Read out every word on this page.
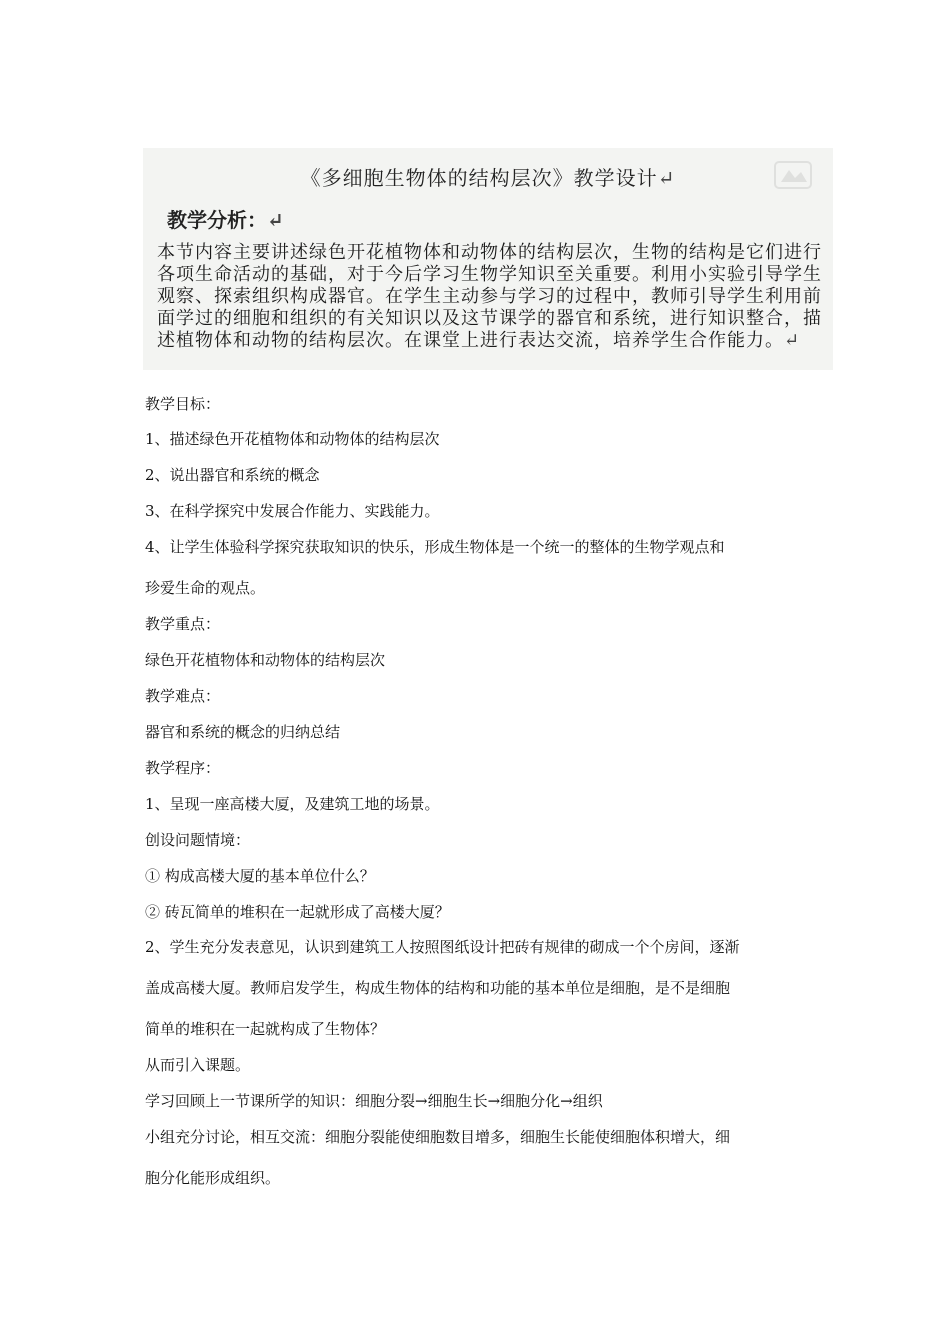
《多细胞生物体的结构层次》教学设计↵
教学分析：↵
本节内容主要讲述绿色开花植物体和动物体的结构层次，生物的结构是它们进行各项生命活动的基础，对于今后学习生物学知识至关重要。利用小实验引导学生观察、探索组织构成器官。在学生主动参与学习的过程中，教师引导学生利用前面学过的细胞和组织的有关知识以及这节课学的器官和系统，进行知识整合，描述植物体和动物的结构层次。在课堂上进行表达交流，培养学生合作能力。↵
教学目标：
1、描述绿色开花植物体和动物体的结构层次
2、说出器官和系统的概念
3、在科学探究中发展合作能力、实践能力。
4、让学生体验科学探究获取知识的快乐，形成生物体是一个统一的整体的生物学观点和
珍爱生命的观点。
教学重点：
绿色开花植物体和动物体的结构层次
教学难点：
器官和系统的概念的归纳总结
教学程序：
1、呈现一座高楼大厦，及建筑工地的场景。
创设问题情境：
① 构成高楼大厦的基本单位什么？
② 砖瓦简单的堆积在一起就形成了高楼大厦？
2、学生充分发表意见，认识到建筑工人按照图纸设计把砖有规律的砌成一个个房间，逐渐
盖成高楼大厦。教师启发学生，构成生物体的结构和功能的基本单位是细胞，是不是细胞
简单的堆积在一起就构成了生物体？
从而引入课题。
学习回顾上一节课所学的知识：细胞分裂→细胞生长→细胞分化→组织
小组充分讨论，相互交流：细胞分裂能使细胞数目增多，细胞生长能使细胞体积增大，细
胞分化能形成组织。
